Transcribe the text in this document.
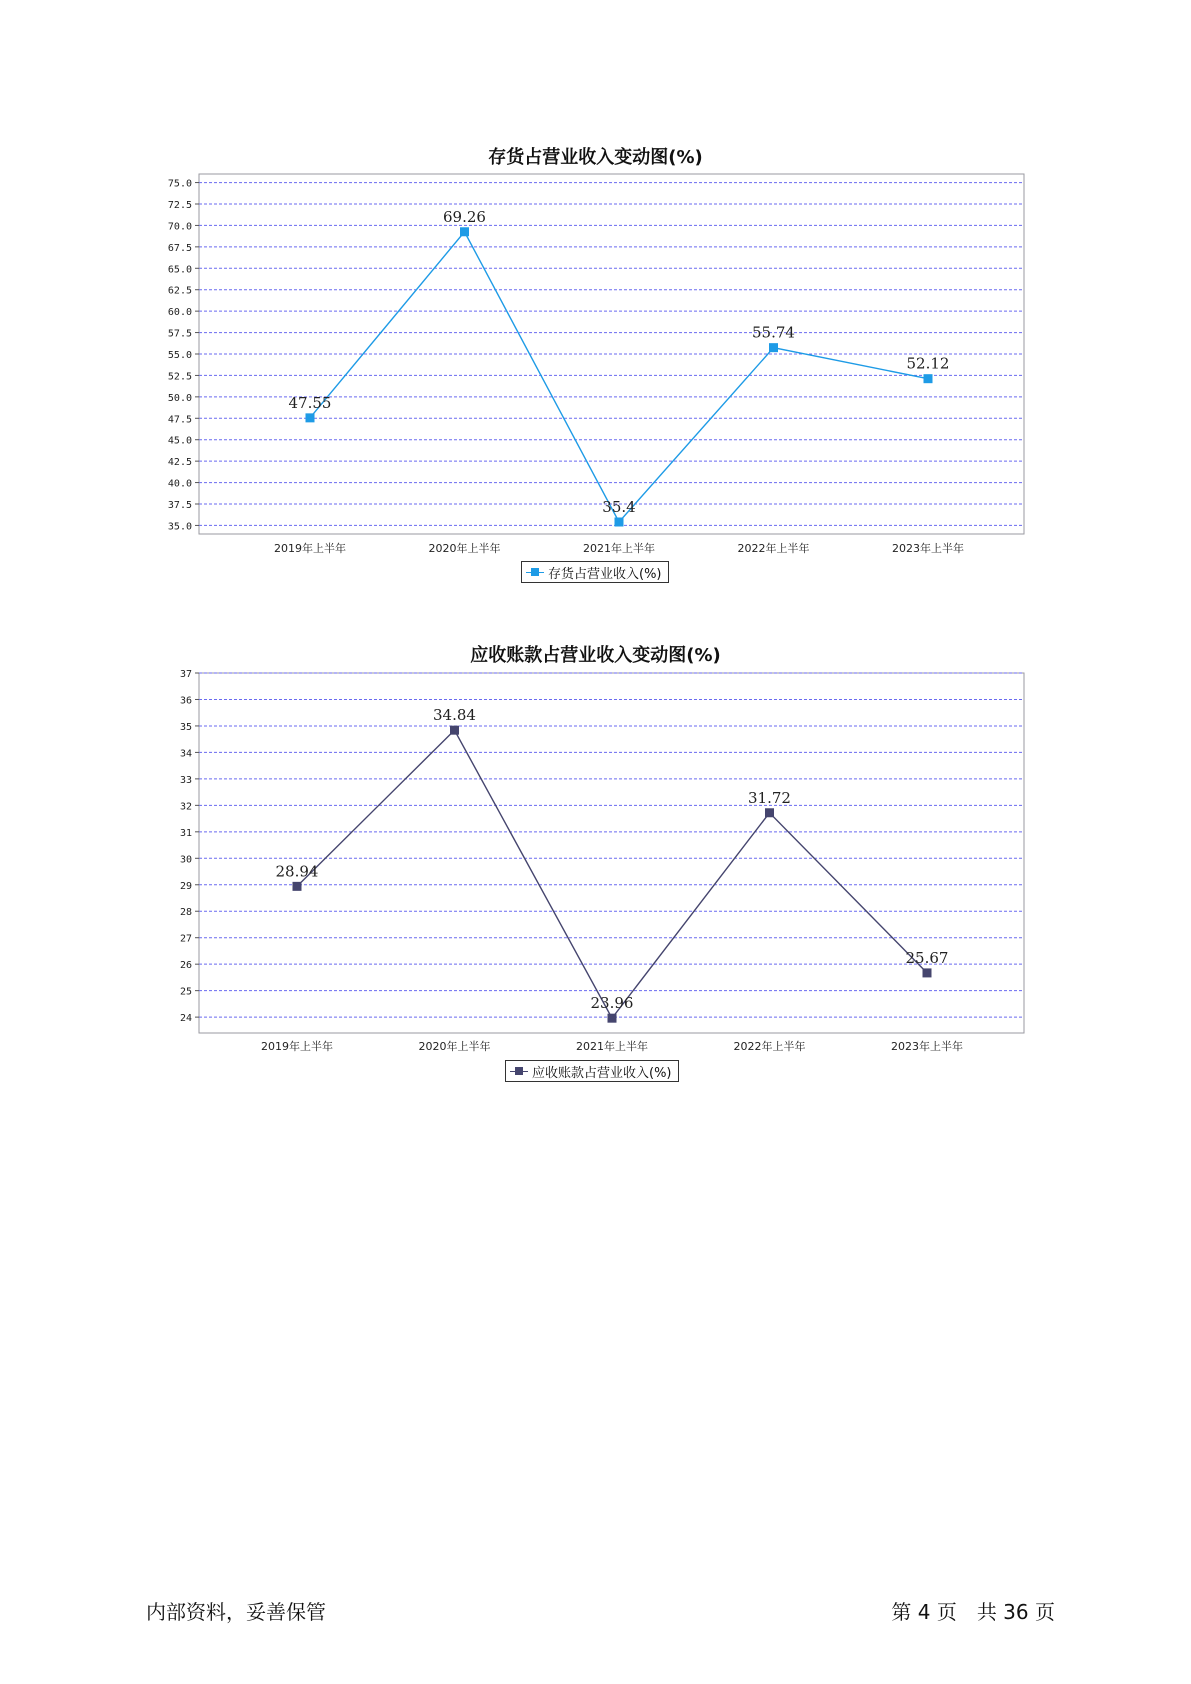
存货占营业收入变动图(%)
35.0
37.5
40.0
42.5
45.0
47.5
50.0
52.5
55.0
57.5
60.0
62.5
65.0
67.5
70.0
72.5
75.0
2019年上半年	2020年上半年	2021年上半年	2022年上半年	2023年上半年
47.55
69.26
35.4
55.74
52.12
24
25
26
27
28
29
30
31
32
33
34
35
36
37
2019年上半年	2020年上半年	2021年上半年	2022年上半年	2023年上半年
28.94
34.84
23.96
31.72
25.67
存货占营业收入(%)
应收账款占营业收入变动图(%)
应收账款占营业收入(%)
内部资料，妥善保管	第 4 页　共 36 页
